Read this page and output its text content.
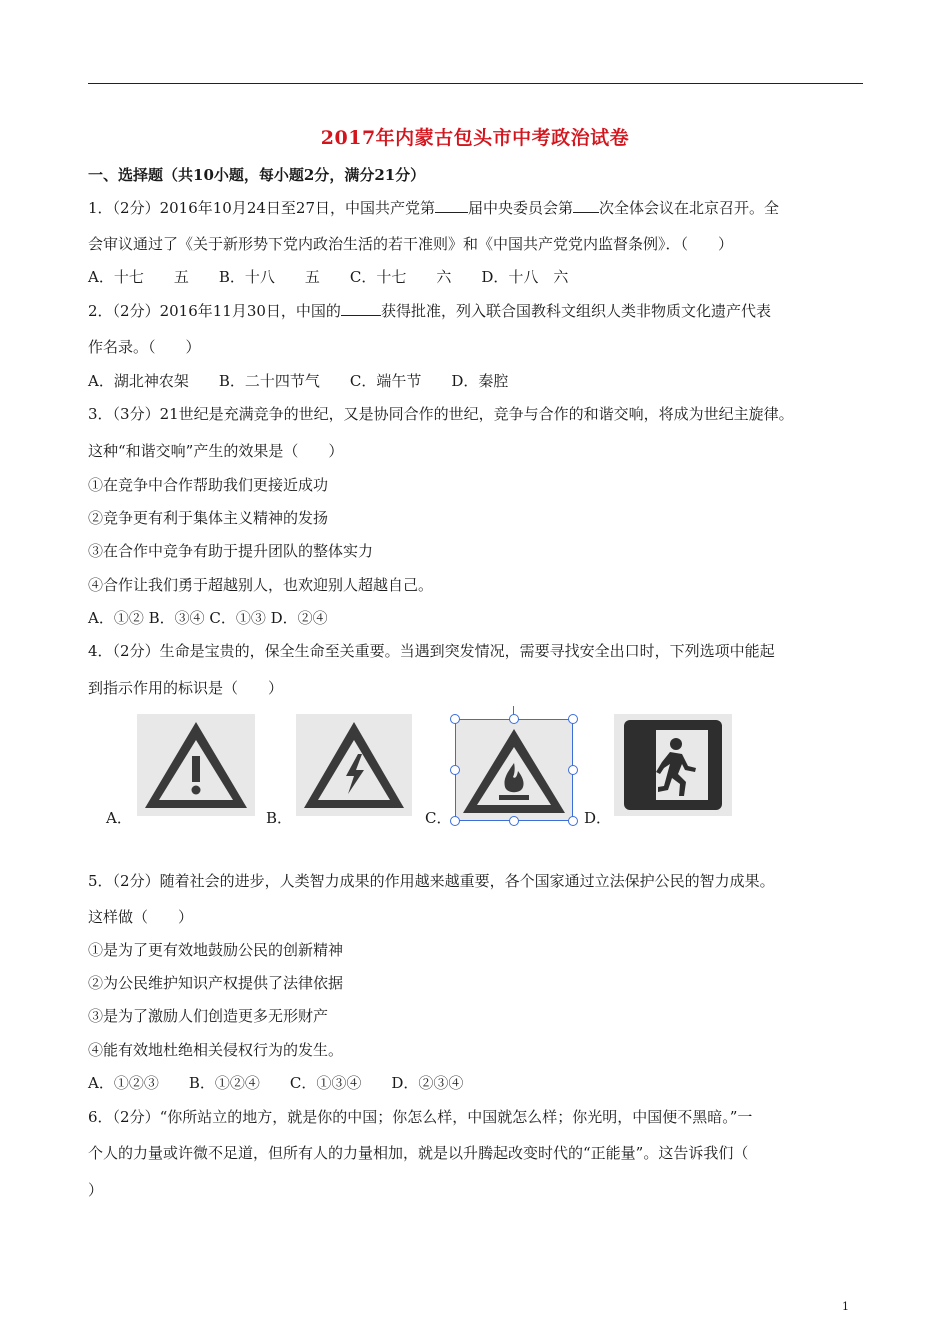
2017年内蒙古包头市中考政治试卷
一、选择题（共10小题，每小题2分，满分21分）
1．（2分）2016年10月24日至27日，中国共产党第 届中央委员会第 次全体会议在北京召开。全
会审议通过了《关于新形势下党内政治生活的若干准则》和《中国共产党党内监督条例》．（　　）
A．十七　　五　　B．十八　　五　　C．十七　　六　　D．十八　六
2．（2分）2016年11月30日，中国的	获得批准，列入联合国教科文组织人类非物质文化遗产代表
作名录。（　　）
A．湖北神农架　　B．二十四节气　　C．端午节　　D．秦腔
3．（3分）21世纪是充满竞争的世纪，又是协同合作的世纪，竞争与合作的和谐交响，将成为世纪主旋律。
这种“和谐交响”产生的效果是（　　）
①在竞争中合作帮助我们更接近成功
②竞争更有利于集体主义精神的发扬
③在合作中竞争有助于提升团队的整体实力
④合作让我们勇于超越别人，也欢迎别人超越自己。
A．①② B．③④ C．①③ D．②④
4．（2分）生命是宝贵的，保全生命至关重要。当遇到突发情况，需要寻找安全出口时，下列选项中能起
到指示作用的标识是（　　）
A．	B．	C．	D．
5．（2分）随着社会的进步，人类智力成果的作用越来越重要，各个国家通过立法保护公民的智力成果。
这样做（　　）
①是为了更有效地鼓励公民的创新精神
②为公民维护知识产权提供了法律依据
③是为了激励人们创造更多无形财产
④能有效地杜绝相关侵权行为的发生。
A．①②③　　B．①②④　　C．①③④　　D．②③④
6．（2分）“你所站立的地方，就是你的中国；你怎么样，中国就怎么样；你光明，中国便不黑暗。”一
个人的力量或许微不足道，但所有人的力量相加，就是以升腾起改变时代的“正能量”。这告诉我们（
）
1
